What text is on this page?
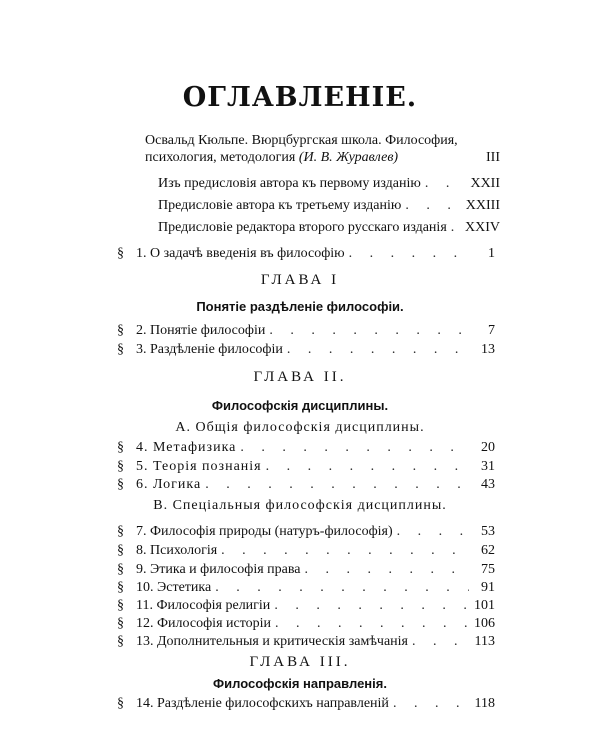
ОГЛАВЛЕНІЕ.
Освальд Кюльпе. Вюрцбургская школа. Философия,
психология, методология (И. В. Журавлев)	III
Изъ предисловія автора къ первому изданію . . .	XXII
Предисловіе автора къ третьему изданію . . .	XXIII
Предисловіе редактора второго русскаго изданія . . . XXIV
§ 1. О задачѣ введенія въ философію . . .	1
ГЛАВА I
Понятіе раздѣленіе философіи.
§ 2. Понятіе философіи . . .	7
§ 3. Раздѣленіе философіи . . .	13
ГЛАВА II.
Философскія дисциплины.
A. Общія философскія дисциплины.
§ 4. Метафизика . . .	20
§ 5. Теорія познанія . . .	31
§ 6. Логика . . .	43
B. Спеціальныя философскія дисциплины.
§ 7. Философія природы (натуръ-философія) . . .	53
§ 8. Психологія . . .	62
§ 9. Этика и философія права . . .	75
§ 10. Эстетика . . .	91
§ 11. Философія религіи . . .	101
§ 12. Философія исторіи . . .	106
§ 13. Дополнительныя и критическія замѣчанія . . .	113
ГЛАВА III.
Философскія направленія.
§ 14. Раздѣленіе философскихъ направленій . . .	118
